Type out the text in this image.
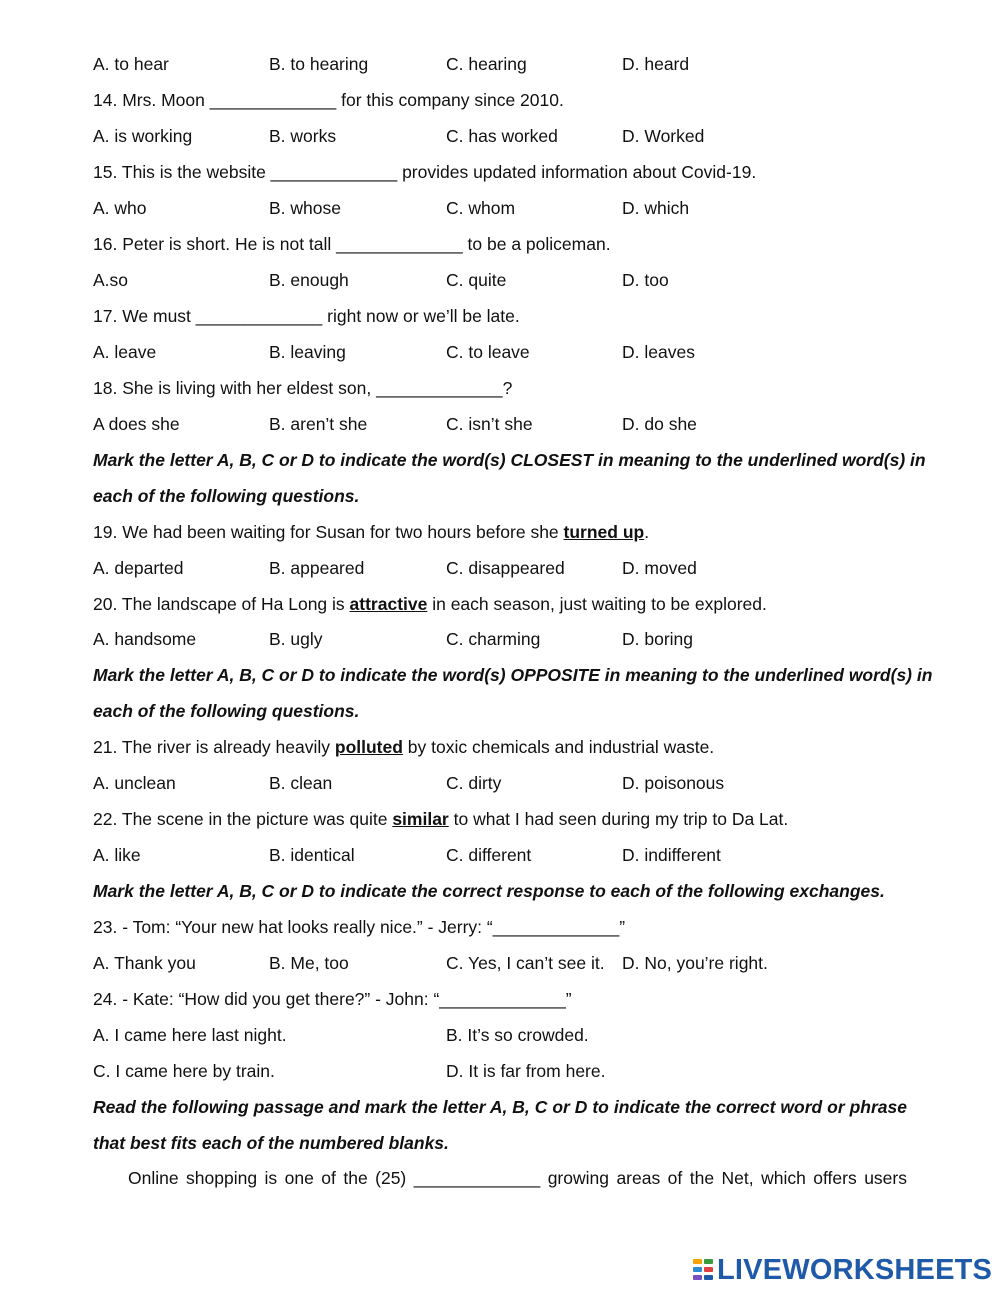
A. to hear	B. to hearing	C. hearing	D. heard
14. Mrs. Moon _____________ for this company since 2010.
A. is working	B. works	C. has worked	D. Worked
15. This is the website _____________ provides updated information about Covid-19.
A. who	B. whose	C. whom	D. which
16. Peter is short. He is not tall _____________ to be a policeman.
A.so	B. enough	C. quite	D. too
17. We must _____________ right now or we’ll be late.
A. leave	B. leaving	C. to leave	D. leaves
18. She is living with her eldest son, _____________?
A does she	B. aren’t she	C. isn’t she	D. do she
Mark the letter A, B, C or D to indicate the word(s) CLOSEST in meaning to the underlined word(s) in
each of the following questions.
19. We had been waiting for Susan for two hours before she turned up.
A. departed	B. appeared	C. disappeared	D. moved
20. The landscape of Ha Long is attractive in each season, just waiting to be explored.
A. handsome	B. ugly	C. charming	D. boring
Mark the letter A, B, C or D to indicate the word(s) OPPOSITE in meaning to the underlined word(s) in
each of the following questions.
21. The river is already heavily polluted by toxic chemicals and industrial waste.
A. unclean	B. clean	C. dirty	D. poisonous
22. The scene in the picture was quite similar to what I had seen during my trip to Da Lat.
A. like	B. identical	C. different	D. indifferent
Mark the letter A, B, C or D to indicate the correct response to each of the following exchanges.
23. - Tom: “Your new hat looks really nice.” - Jerry: “_____________”
A. Thank you	B. Me, too	C. Yes, I can’t see it. D. No, you’re right.
24. - Kate: “How did you get there?” - John: “_____________”
A. I came here last night.	B. It’s so crowded.
C. I came here by train.	D. It is far from here.
Read the following passage and mark the letter A, B, C or D to indicate the correct word or phrase
that best fits each of the numbered blanks.
Online shopping is one of the (25) _____________ growing areas of the Net, which offers users
LIVEWORKSHEETS
